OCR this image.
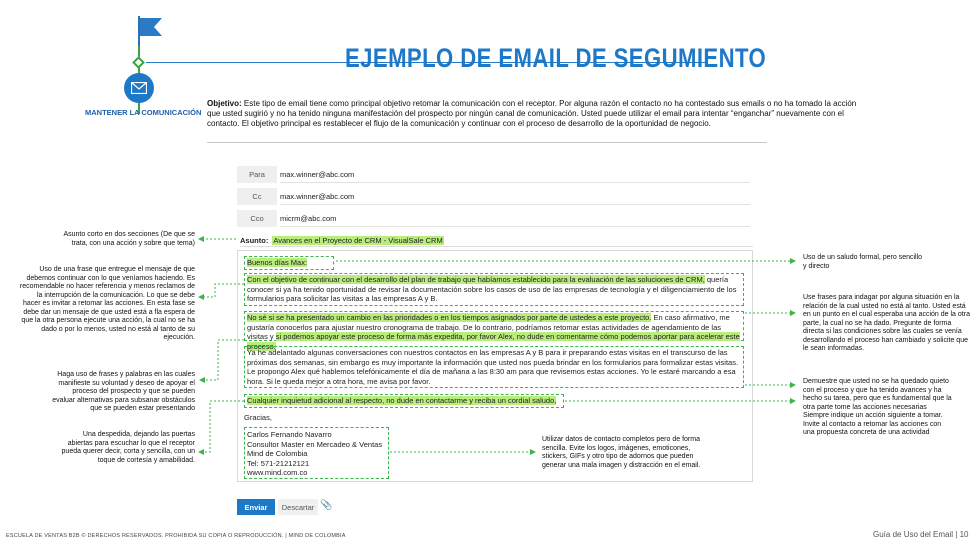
EJEMPLO DE EMAIL DE SEGUMIENTO
MANTENER LA COMUNICACIÓN
Objetivo: Este tipo de email tiene como principal objetivo retomar la comunicación con el receptor. Por alguna razón el contacto no ha contestado sus emails o no ha tomado la acción que usted sugirió y no ha tenido ninguna manifestación del prospecto por ningún canal de comunicación. Usted puede utilizar el email para intentar “enganchar” nuevamente con el contacto. El objetivo principal es restablecer el flujo de la comunicación y continuar con el proceso de desarrollo de la oportunidad de negocio.
Para	max.winner@abc.com
Cc	max.winner@abc.com
Cco	micrm@abc.com
Asunto: Avances en el Proyecto de CRM - VisualSale CRM
Buenos días Max:
Con el objetivo de continuar con el desarrollo del plan de trabajo que habíamos establecido para la evaluación de las soluciones de CRM, quería conocer si ya ha tenido oportunidad de revisar la documentación sobre los casos de uso de las empresas de tecnología y el diligenciamiento de los formularios para solicitar las visitas a las empresas A y B.
No sé si se ha presentado un cambio en las prioridades o en los tiempos asignados por parte de ustedes a este proyecto. En caso afirmativo, me gustaría conocerlos para ajustar nuestro cronograma de trabajo. De lo contrario, podríamos retomar estas actividades de agendamiento de las visitas y si podemos apoyar este proceso de forma más expedita, por favor Alex, no dude en comentarme cómo podemos aportar para acelerar este proceso.
Ya he adelantado algunas conversaciones con nuestros contactos en las empresas A y B para ir preparando estas visitas en el transcurso de las próximas dos semanas, sin embargo es muy importante la información que usted nos pueda brindar en los formularios para formalizar estas visitas. Le propongo Alex qué hablemos telefónicamente el día de mañana a las 8:30 am para que revisemos estas acciones. Yo le estaré marcando a esa hora. Si le queda mejor a otra hora, me avisa por favor.
Cualquier inquietud adicional al respecto, no dude en contactarme y reciba un cordial saludo,
Gracias,
Carlos Fernando Navarro
Consultor Master en Mercadeo & Ventas
Mind de Colombia
Tel: 571-21212121
www.mind.com.co
Enviar	Descartar 📎
Asunto corto en dos secciones (De que se trata, con una acción y sobre que tema)
Uso de una frase que entregue el mensaje de que debemos continuar con lo que veníamos haciendo. Es recomendable no hacer referencia y menos reclamos de la interrupción de la comunicación. Lo que se debe hacer es invitar a retomar las acciones. En esta fase se debe dar un mensaje de que usted está a fla espera de que la otra persona ejecute una acción, la cual no se ha dado o por lo menos, usted no está al tanto de su ejecución.
Haga uso de frases y palabras en las cuales manifieste su voluntad y deseo de apoyar el proceso del prospecto y que se pueden evaluar alternativas para subsanar obstáculos que se pueden estar presentando
Una despedida, dejando las puertas abiertas para escuchar lo que el receptor pueda querer decir, corta y sencilla, con un toque de cortesía y amabilidad.
Uso de un saludo formal, pero sencillo y directo
Use frases para indagar por alguna situación en la relación de la cual usted no está al tanto. Usted está en un punto en el cual esperaba una acción de la otra parte, la cual no se ha dado. Pregunte de forma directa si las condiciones sobre las cuales se venía desarrollando el proceso han cambiado y solicite que le sean informadas.
Demuestre que usted no se ha quedado quieto con el proceso y que ha tenido avances y ha hecho su tarea, pero que es fundamental que la otra parte tome las acciones necesarias
Siempre indique un acción siguiente a tomar. Invite al contacto a retomar las acciones con una propuesta concreta de una actividad
Utilizar datos de contacto completos pero de forma sencilla. Evite los logos, imágenes, emoticones, stickers, GIFs y otro tipo de adornos que pueden generar una mala imagen y distracción en el email.
ESCUELA DE VENTAS B2B © DERECHOS RESERVADOS. PROHIBIDA SU COPIA O REPRODUCCIÓN. | MIND DE COLOMBIA	Guía de Uso del Email | 10
